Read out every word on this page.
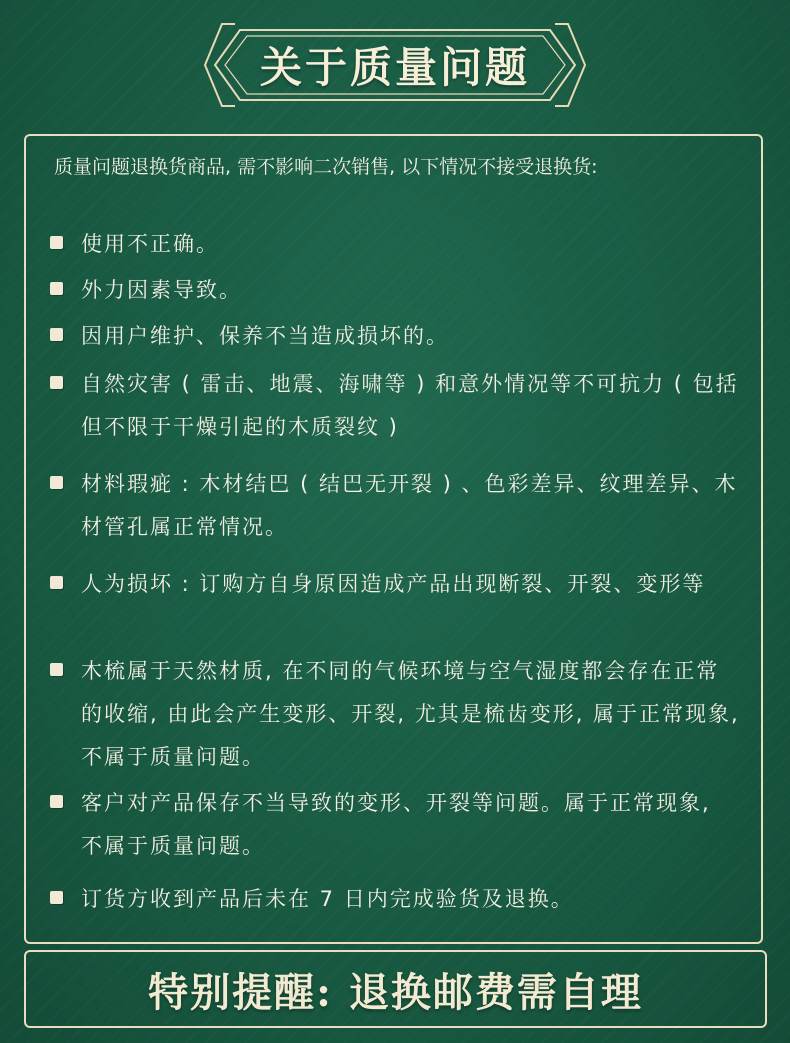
关于质量问题
质量问题退换货商品, 需不影响二次销售, 以下情况不接受退换货:
使用不正确。
外力因素导致。
因用户维护、保养不当造成损坏的。
自然灾害 ( 雷击、地震、海啸等 ) 和意外情况等不可抗力 ( 包括但不限于干燥引起的木质裂纹 )
材料瑕疵 : 木材结巴 ( 结巴无开裂 ) 、色彩差异、纹理差异、木材管孔属正常情况。
人为损坏 : 订购方自身原因造成产品出现断裂、开裂、变形等
木梳属于天然材质, 在不同的气候环境与空气湿度都会存在正常的收缩, 由此会产生变形、开裂, 尤其是梳齿变形, 属于正常现象, 不属于质量问题。
客户对产品保存不当导致的变形、开裂等问题。属于正常现象, 不属于质量问题。
订货方收到产品后未在 7 日内完成验货及退换。
特别提醒: 退换邮费需自理
